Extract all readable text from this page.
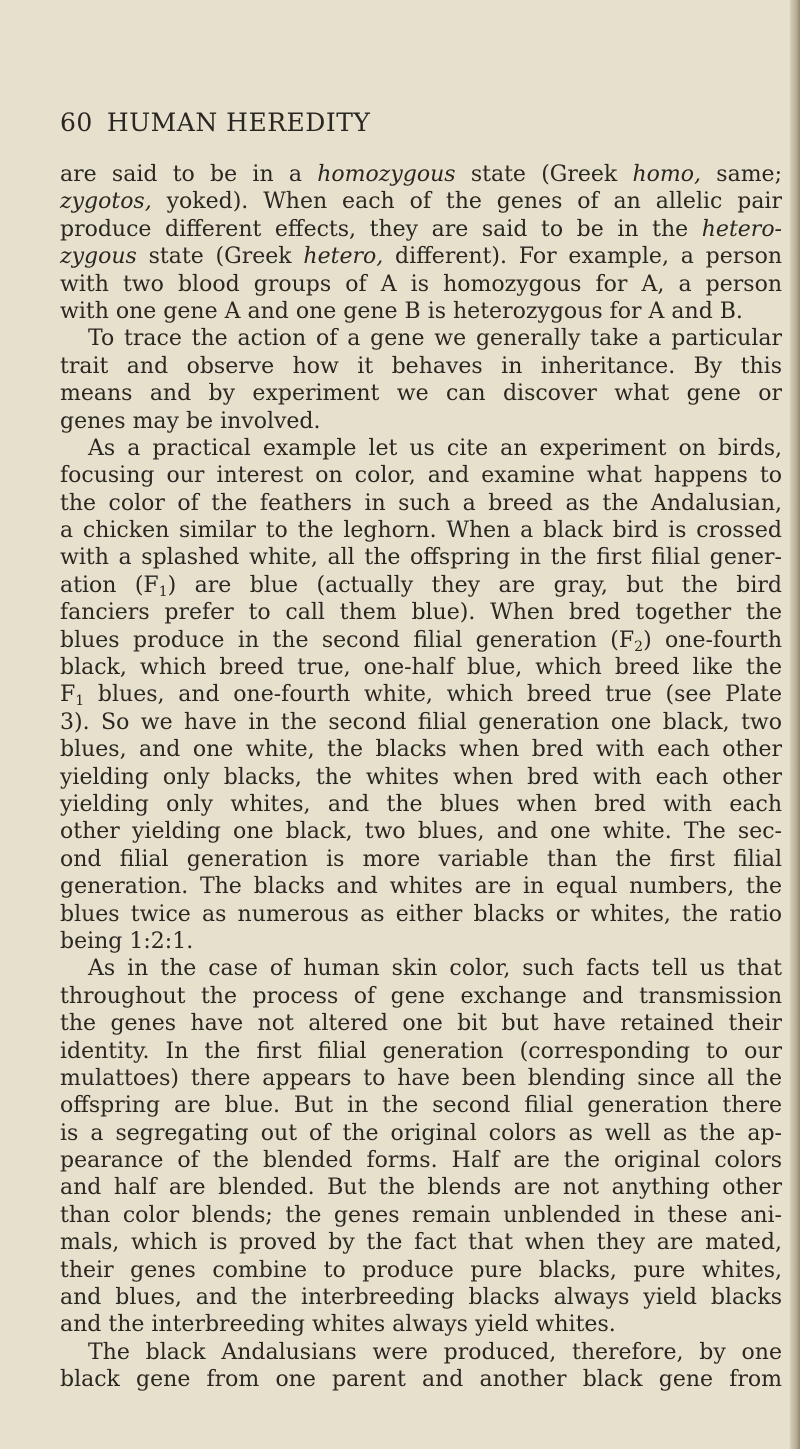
60 HUMAN HEREDITY
are said to be in a homozygous state (Greek homo, same;
zygotos, yoked). When each of the genes of an allelic pair
produce different effects, they are said to be in the hetero-
zygous state (Greek hetero, different). For example, a person
with two blood groups of A is homozygous for A, a person
with one gene A and one gene B is heterozygous for A and B.
To trace the action of a gene we generally take a particular
trait and observe how it behaves in inheritance. By this
means and by experiment we can discover what gene or
genes may be involved.
As a practical example let us cite an experiment on birds,
focusing our interest on color, and examine what happens to
the color of the feathers in such a breed as the Andalusian,
a chicken similar to the leghorn. When a black bird is crossed
with a splashed white, all the offspring in the first filial gener-
ation $(F_1)$ are blue (actually they are gray, but the bird
fanciers prefer to call them blue). When bred together the
blues produce in the second filial generation $(F_2)$ one-fourth
black, which breed true, one-half blue, which breed like the
$F_1$ blues, and one-fourth white, which breed true (see Plate
3). So we have in the second filial generation one black, two
blues, and one white, the blacks when bred with each other
yielding only blacks, the whites when bred with each other
yielding only whites, and the blues when bred with each
other yielding one black, two blues, and one white. The sec-
ond filial generation is more variable than the first filial
generation. The blacks and whites are in equal numbers, the
blues twice as numerous as either blacks or whites, the ratio
being 1:2:1.
As in the case of human skin color, such facts tell us that
throughout the process of gene exchange and transmission
the genes have not altered one bit but have retained their
identity. In the first filial generation (corresponding to our
mulattoes) there appears to have been blending since all the
offspring are blue. But in the second filial generation there
is a segregating out of the original colors as well as the ap-
pearance of the blended forms. Half are the original colors
and half are blended. But the blends are not anything other
than color blends; the genes remain unblended in these ani-
mals, which is proved by the fact that when they are mated,
their genes combine to produce pure blacks, pure whites,
and blues, and the interbreeding blacks always yield blacks
and the interbreeding whites always yield whites.
The black Andalusians were produced, therefore, by one
black gene from one parent and another black gene from
